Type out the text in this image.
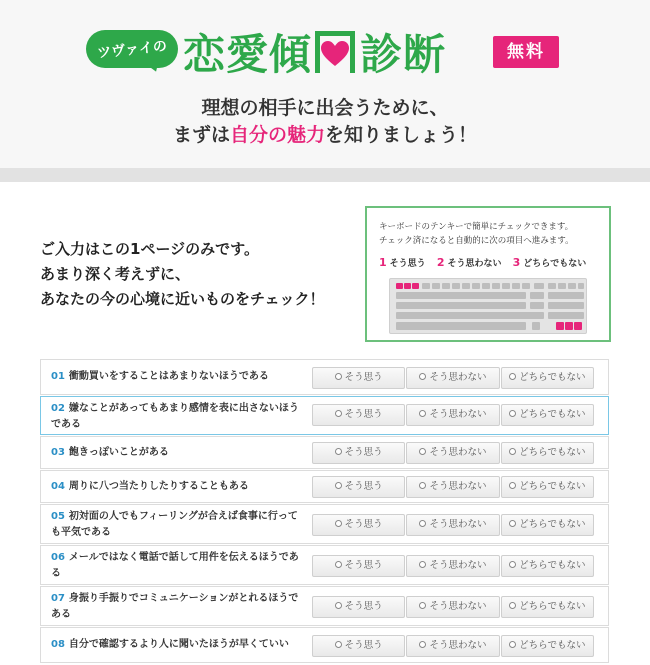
ツヴァイの 恋愛傾 診断	無料
理想の相手に出会うために、
まずは自分の魅力を知りましょう！
ご入力はこの1ページのみです。
あまり深く考えずに、
あなたの今の心境に近いものをチェック！
キーボードのテンキーで簡単にチェックできます。
チェック済になると自動的に次の項目へ進みます。
1 そう思う 2 そう思わない 3 どちらでもない
01 衝動買いをすることはあまりないほうである	そう思う	そう思わない	どちらでもない
02 嫌なことがあってもあまり感情を表に出さないほうである
そう思う	そう思わない	どちらでもない
03 飽きっぽいことがある	そう思う	そう思わない	どちらでもない
04 周りに八つ当たりしたりすることもある	そう思う	そう思わない	どちらでもない
05 初対面の人でもフィーリングが合えば食事に行っても平気である
そう思う	そう思わない	どちらでもない
06 メールではなく電話で話して用件を伝えるほうである
そう思う	そう思わない	どちらでもない
07 身振り手振りでコミュニケーションがとれるほうである
そう思う	そう思わない	どちらでもない
08 自分で確認するより人に聞いたほうが早くていい	そう思う	そう思わない	どちらでもない
